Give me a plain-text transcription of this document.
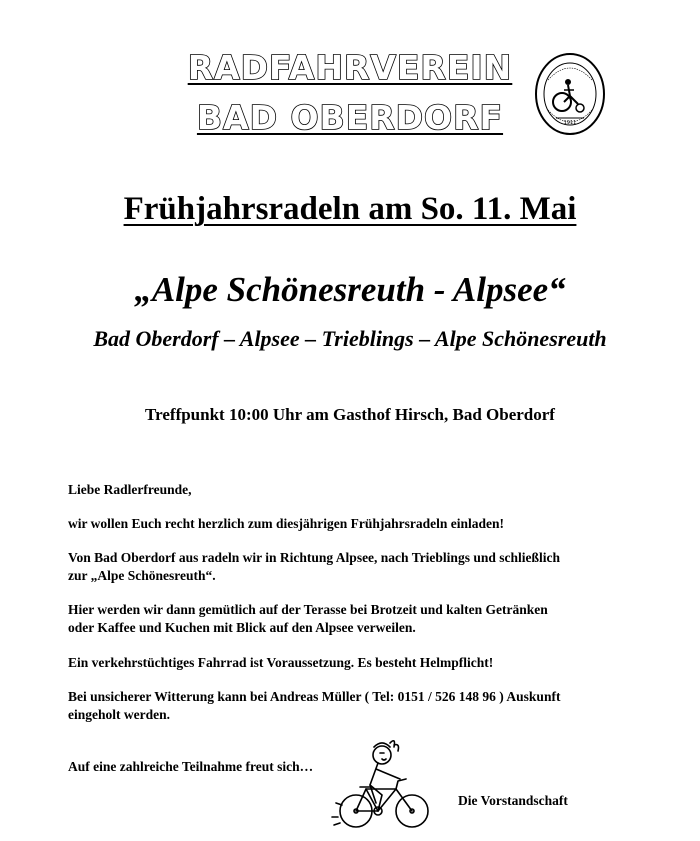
RADFAHRVEREIN
BAD OBERDORF	1911
Frühjahrsradeln am So. 11. Mai
„Alpe Schönesreuth - Alpsee“
Bad Oberdorf – Alpsee – Trieblings – Alpe Schönesreuth
Treffpunkt 10:00 Uhr am Gasthof Hirsch, Bad Oberdorf
Liebe Radlerfreunde,
wir wollen Euch recht herzlich zum diesjährigen Frühjahrsradeln einladen!
Von Bad Oberdorf aus radeln wir in Richtung Alpsee, nach Trieblings und schließlich zur „Alpe Schönesreuth“.
Hier werden wir dann gemütlich auf der Terasse bei Brotzeit und kalten Getränken oder Kaffee und Kuchen mit Blick auf den Alpsee verweilen.
Ein verkehrstüchtiges Fahrrad ist Voraussetzung. Es besteht Helmpflicht!
Bei unsicherer Witterung kann bei Andreas Müller ( Tel: 0151 / 526 148 96 ) Auskunft eingeholt werden.
Auf eine zahlreiche Teilnahme freut sich…
Die Vorstandschaft
